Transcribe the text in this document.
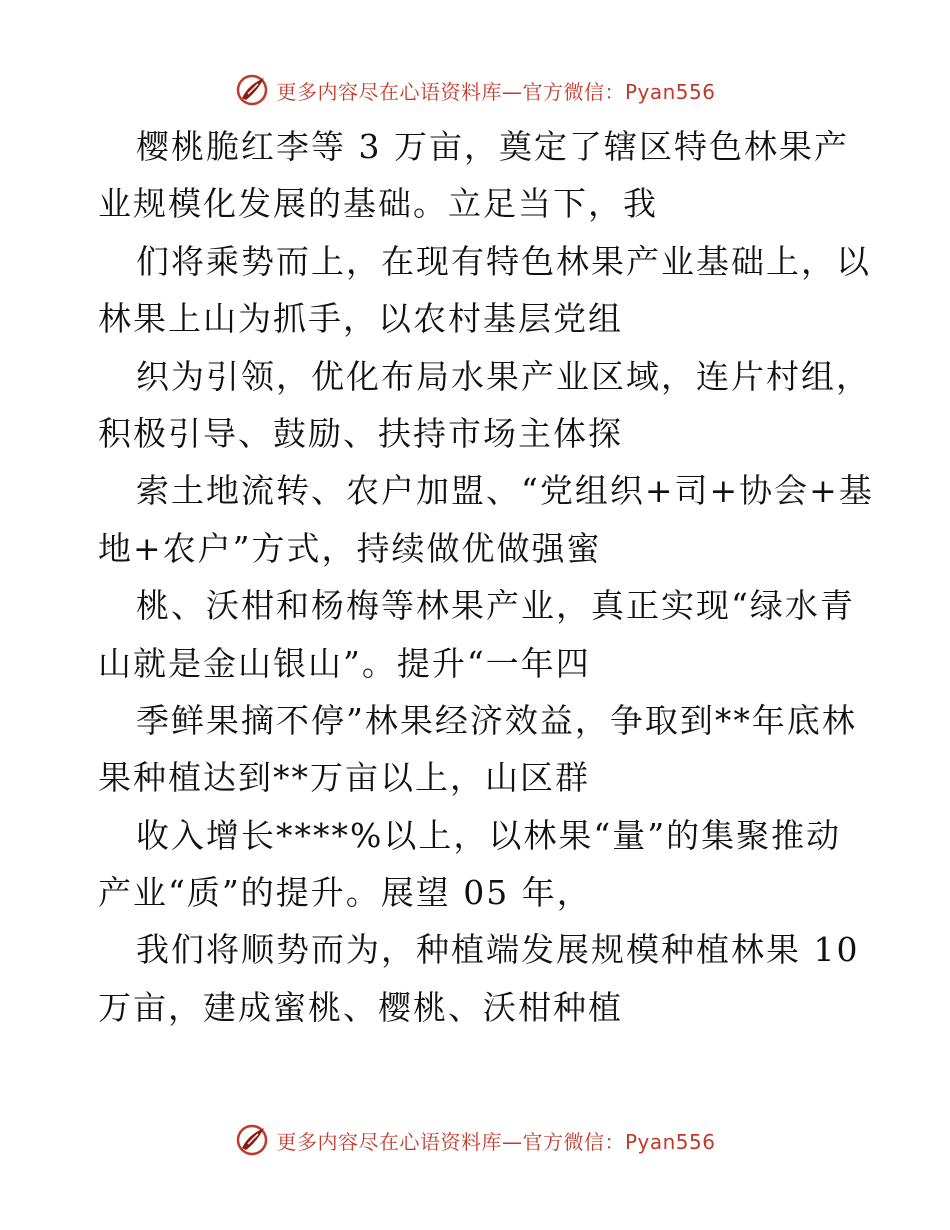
更多内容尽在心语资料库—官方微信：Pyan556
樱桃脆红李等 3 万亩，奠定了辖区特色林果产
业规模化发展的基础。立足当下，我
们将乘势而上，在现有特色林果产业基础上，以
林果上山为抓手，以农村基层党组
织为引领，优化布局水果产业区域，连片村组，
积极引导、鼓励、扶持市场主体探
索土地流转、农户加盟、“党组织+司+协会+基
地+农户”方式，持续做优做强蜜
桃、沃柑和杨梅等林果产业，真正实现“绿水青
山就是金山银山”。提升“一年四
季鲜果摘不停”林果经济效益，争取到**年底林
果种植达到**万亩以上，山区群
收入增长****%以上，以林果“量”的集聚推动
产业“质”的提升。展望 05 年，
我们将顺势而为，种植端发展规模种植林果 10
万亩，建成蜜桃、樱桃、沃柑种植
更多内容尽在心语资料库—官方微信：Pyan556
